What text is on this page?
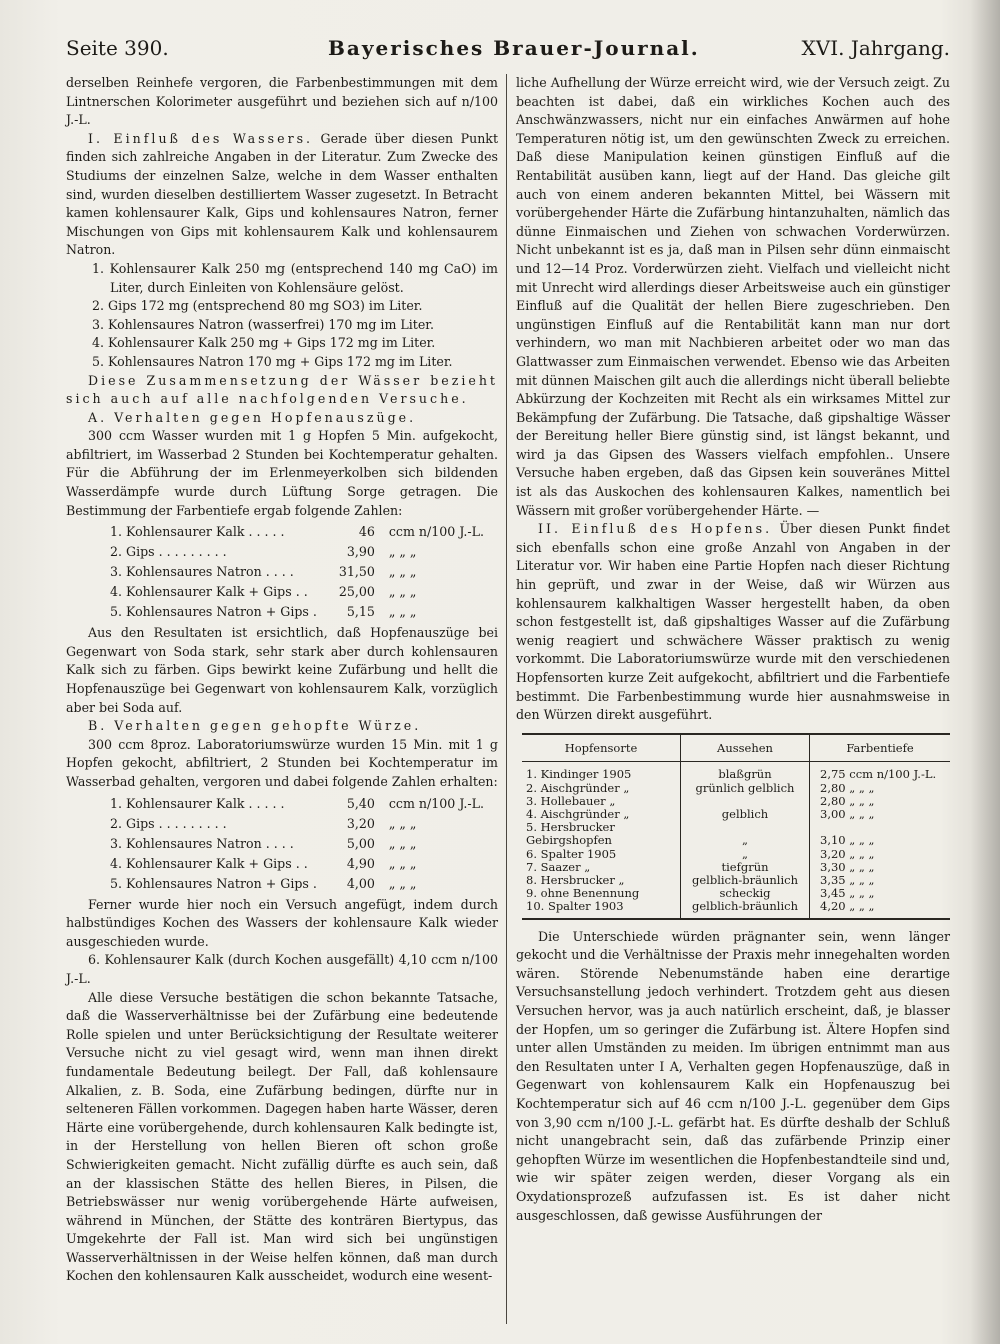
Seite 390.	Bayerisches Brauer-Journal.	XVI. Jahrgang.

derselben Reinhefe vergoren, die Farbenbestimmungen mit dem Lintnerschen Kolorimeter ausgeführt und beziehen sich auf n/100 J.-L.

I. Einfluß des Wassers. Gerade über diesen Punkt finden sich zahlreiche Angaben in der Literatur. Zum Zwecke des Studiums der einzelnen Salze, welche in dem Wasser enthalten sind, wurden dieselben destilliertem Wasser zugesetzt. In Betracht kamen kohlensaurer Kalk, Gips und kohlensaures Natron, ferner Mischungen von Gips mit kohlensaurem Kalk und kohlensaurem Natron.

1. Kohlensaurer Kalk 250 mg (entsprechend 140 mg CaO) im Liter, durch Einleiten von Kohlensäure gelöst.

2. Gips 172 mg (entsprechend 80 mg SO3) im Liter.

3. Kohlensaures Natron (wasserfrei) 170 mg im Liter.

4. Kohlensaurer Kalk 250 mg + Gips 172 mg im Liter.

5. Kohlensaures Natron 170 mg + Gips 172 mg im Liter.

Diese Zusammensetzung der Wässer bezieht sich auch auf alle nachfolgenden Versuche.

A. Verhalten gegen Hopfenauszüge.

300 ccm Wasser wurden mit 1 g Hopfen 5 Min. aufgekocht, abfiltriert, im Wasserbad 2 Stunden bei Kochtemperatur gehalten. Für die Abführung der im Erlenmeyerkolben sich bildenden Wasserdämpfe wurde durch Lüftung Sorge getragen. Die Bestimmung der Farbentiefe ergab folgende Zahlen:

1. Kohlensaurer Kalk . . . . .	46	ccm n/100 J.-L.
2. Gips . . . . . . . . .	3,90	„ „ „
3. Kohlensaures Natron . . . .	31,50	„ „ „
4. Kohlensaurer Kalk + Gips . .	25,00	„ „ „
5. Kohlensaures Natron + Gips .	5,15	„ „ „

Aus den Resultaten ist ersichtlich, daß Hopfenauszüge bei Gegenwart von Soda stark, sehr stark aber durch kohlensauren Kalk sich zu färben. Gips bewirkt keine Zufärbung und hellt die Hopfenauszüge bei Gegenwart von kohlensaurem Kalk, vorzüglich aber bei Soda auf.

B. Verhalten gegen gehopfte Würze.

300 ccm 8proz. Laboratoriumswürze wurden 15 Min. mit 1 g Hopfen gekocht, abfiltriert, 2 Stunden bei Kochtemperatur im Wasserbad gehalten, vergoren und dabei folgende Zahlen erhalten:

1. Kohlensaurer Kalk . . . . .	5,40	ccm n/100 J.-L.
2. Gips . . . . . . . . .	3,20	„ „ „
3. Kohlensaures Natron . . . .	5,00	„ „ „
4. Kohlensaurer Kalk + Gips . .	4,90	„ „ „
5. Kohlensaures Natron + Gips .	4,00	„ „ „

Ferner wurde hier noch ein Versuch angefügt, indem durch halbstündiges Kochen des Wassers der kohlensaure Kalk wieder ausgeschieden wurde.

6. Kohlensaurer Kalk (durch Kochen ausgefällt) 4,10 ccm n/100 J.-L.

Alle diese Versuche bestätigen die schon bekannte Tatsache, daß die Wasserverhältnisse bei der Zufärbung eine bedeutende Rolle spielen und unter Berücksichtigung der Resultate weiterer Versuche nicht zu viel gesagt wird, wenn man ihnen direkt fundamentale Bedeutung beilegt. Der Fall, daß kohlensaure Alkalien, z. B. Soda, eine Zufärbung bedingen, dürfte nur in selteneren Fällen vorkommen. Dagegen haben harte Wässer, deren Härte eine vorübergehende, durch kohlensauren Kalk bedingte ist, in der Herstellung von hellen Bieren oft schon große Schwierigkeiten gemacht. Nicht zufällig dürfte es auch sein, daß an der klassischen Stätte des hellen Bieres, in Pilsen, die Betriebswässer nur wenig vorübergehende Härte aufweisen, während in München, der Stätte des konträren Biertypus, das Umgekehrte der Fall ist. Man wird sich bei ungünstigen Wasserverhältnissen in der Weise helfen können, daß man durch Kochen den kohlensauren Kalk ausscheidet, wodurch eine wesent-

liche Aufhellung der Würze erreicht wird, wie der Versuch zeigt. Zu beachten ist dabei, daß ein wirkliches Kochen auch des Anschwänzwassers, nicht nur ein einfaches Anwärmen auf hohe Temperaturen nötig ist, um den gewünschten Zweck zu erreichen. Daß diese Manipulation keinen günstigen Einfluß auf die Rentabilität ausüben kann, liegt auf der Hand. Das gleiche gilt auch von einem anderen bekannten Mittel, bei Wässern mit vorübergehender Härte die Zufärbung hintanzuhalten, nämlich das dünne Einmaischen und Ziehen von schwachen Vorderwürzen. Nicht unbekannt ist es ja, daß man in Pilsen sehr dünn einmaischt und 12—14 Proz. Vorderwürzen zieht. Vielfach und vielleicht nicht mit Unrecht wird allerdings dieser Arbeitsweise auch ein günstiger Einfluß auf die Qualität der hellen Biere zugeschrieben. Den ungünstigen Einfluß auf die Rentabilität kann man nur dort verhindern, wo man mit Nachbieren arbeitet oder wo man das Glattwasser zum Einmaischen verwendet. Ebenso wie das Arbeiten mit dünnen Maischen gilt auch die allerdings nicht überall beliebte Abkürzung der Kochzeiten mit Recht als ein wirksames Mittel zur Bekämpfung der Zufärbung. Die Tatsache, daß gipshaltige Wässer der Bereitung heller Biere günstig sind, ist längst bekannt, und wird ja das Gipsen des Wassers vielfach empfohlen.. Unsere Versuche haben ergeben, daß das Gipsen kein souveränes Mittel ist als das Auskochen des kohlensauren Kalkes, namentlich bei Wässern mit großer vorübergehender Härte. —

II. Einfluß des Hopfens. Über diesen Punkt findet sich ebenfalls schon eine große Anzahl von Angaben in der Literatur vor. Wir haben eine Partie Hopfen nach dieser Richtung hin geprüft, und zwar in der Weise, daß wir Würzen aus kohlensaurem kalkhaltigen Wasser hergestellt haben, da oben schon festgestellt ist, daß gipshaltiges Wasser auf die Zufärbung wenig reagiert und schwächere Wässer praktisch zu wenig vorkommt. Die Laboratoriumswürze wurde mit den verschiedenen Hopfensorten kurze Zeit aufgekocht, abfiltriert und die Farbentiefe bestimmt. Die Farbenbestimmung wurde hier ausnahmsweise in den Würzen direkt ausgeführt.

Hopfensorte	Aussehen	Farbentiefe
1. Kindinger 1905	blaßgrün	2,75 ccm n/100 J.-L.
2. Aischgründer „	grünlich gelblich	2,80 „ „ „
3. Hollebauer „		2,80 „ „ „
4. Aischgründer „	gelblich	3,00 „ „ „
5. Hersbrucker		
Gebirgshopfen	„	3,10 „ „ „
6. Spalter 1905	„	3,20 „ „ „
7. Saazer „	tiefgrün	3,30 „ „ „
8. Hersbrucker „	gelblich-bräunlich	3,35 „ „ „
9. ohne Benennung	scheckig	3,45 „ „ „
10. Spalter 1903	gelblich-bräunlich	4,20 „ „ „

Die Unterschiede würden prägnanter sein, wenn länger gekocht und die Verhältnisse der Praxis mehr innegehalten worden wären. Störende Nebenumstände haben eine derartige Versuchsanstellung jedoch verhindert. Trotzdem geht aus diesen Versuchen hervor, was ja auch natürlich erscheint, daß, je blasser der Hopfen, um so geringer die Zufärbung ist. Ältere Hopfen sind unter allen Umständen zu meiden. Im übrigen entnimmt man aus den Resultaten unter I A, Verhalten gegen Hopfenauszüge, daß in Gegenwart von kohlensaurem Kalk ein Hopfenauszug bei Kochtemperatur sich auf 46 ccm n/100 J.-L. gegenüber dem Gips von 3,90 ccm n/100 J.-L. gefärbt hat. Es dürfte deshalb der Schluß nicht unangebracht sein, daß das zufärbende Prinzip einer gehopften Würze im wesentlichen die Hopfenbestandteile sind und, wie wir später zeigen werden, dieser Vorgang als ein Oxydationsprozeß aufzufassen ist. Es ist daher nicht ausgeschlossen, daß gewisse Ausführungen der
